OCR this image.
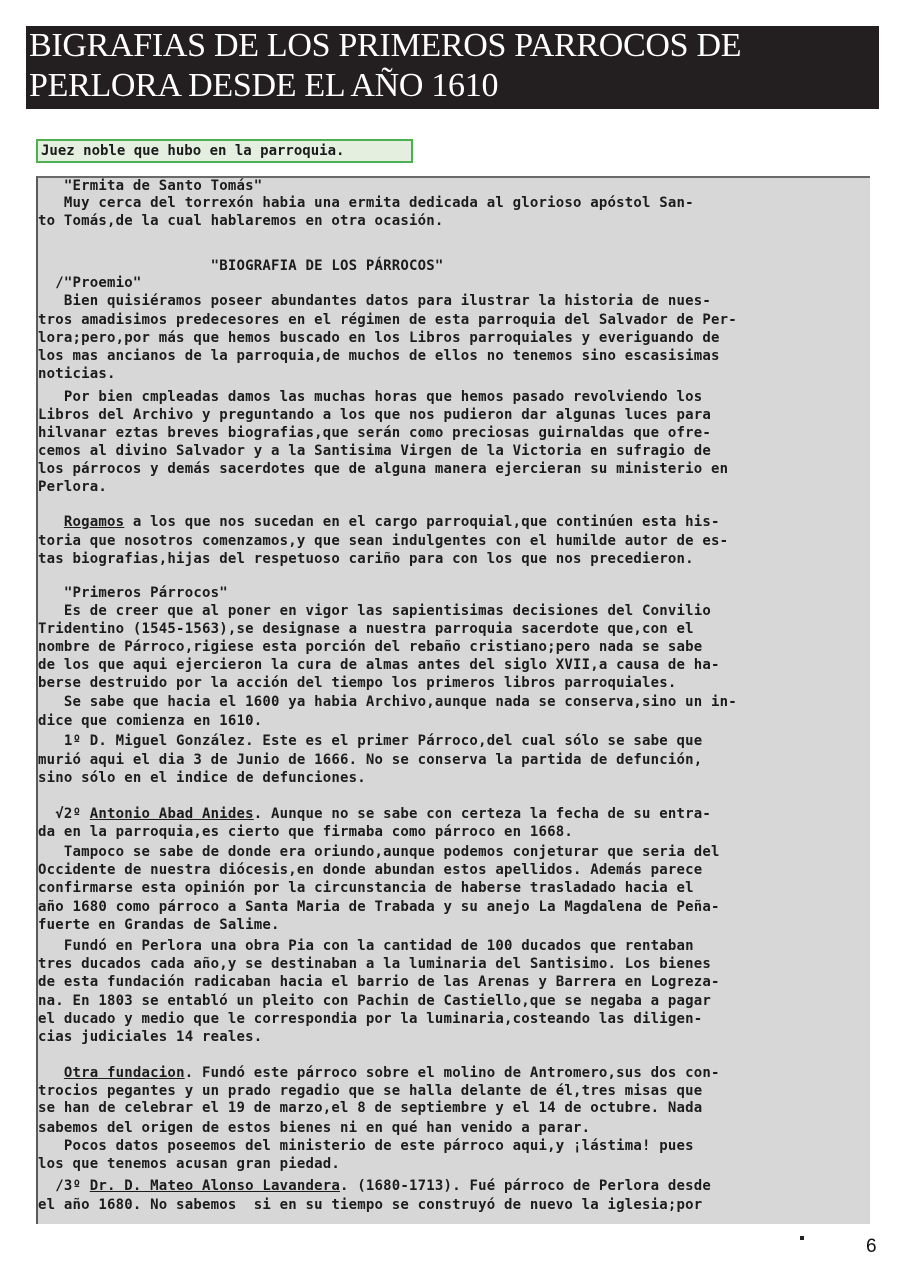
BIGRAFIAS DE LOS PRIMEROS PARROCOS DE
PERLORA DESDE EL AÑO 1610
Juez noble que hubo en la parroquia.
"Ermita de Santo Tomás"
Muy cerca del torrexón habia una ermita dedicada al glorioso apóstol San-
to Tomás,de la cual hablaremos en otra ocasión.
"BIOGRAFIA DE LOS PÁRROCOS"
/"Proemio"
Bien quisiéramos poseer abundantes datos para ilustrar la historia de nues-
tros amadisimos predecesores en el régimen de esta parroquia del Salvador de Per-
lora;pero,por más que hemos buscado en los Libros parroquiales y everiguando de
los mas ancianos de la parroquia,de muchos de ellos no tenemos sino escasisimas
noticias.
Por bien cmpleadas damos las muchas horas que hemos pasado revolviendo los
Libros del Archivo y preguntando a los que nos pudieron dar algunas luces para
hilvanar eztas breves biografias,que serán como preciosas guirnaldas que ofre-
cemos al divino Salvador y a la Santisima Virgen de la Victoria en sufragio de
los párrocos y demás sacerdotes que de alguna manera ejercieran su ministerio en
Perlora.
Rogamos a los que nos sucedan en el cargo parroquial,que continúen esta his-
toria que nosotros comenzamos,y que sean indulgentes con el humilde autor de es-
tas biografias,hijas del respetuoso cariño para con los que nos precedieron.
"Primeros Párrocos"
Es de creer que al poner en vigor las sapientisimas decisiones del Convilio
Tridentino (1545-1563),se designase a nuestra parroquia sacerdote que,con el
nombre de Párroco,rigiese esta porción del rebaño cristiano;pero nada se sabe
de los que aqui ejercieron la cura de almas antes del siglo XVII,a causa de ha-
berse destruido por la acción del tiempo los primeros libros parroquiales.
Se sabe que hacia el 1600 ya habia Archivo,aunque nada se conserva,sino un in-
dice que comienza en 1610.
1º D. Miguel González. Este es el primer Párroco,del cual sólo se sabe que
murió aqui el dia 3 de Junio de 1666. No se conserva la partida de defunción,
sino sólo en el indice de defunciones.
√2º Antonio Abad Anides. Aunque no se sabe con certeza la fecha de su entra-
da en la parroquia,es cierto que firmaba como párroco en 1668.
Tampoco se sabe de donde era oriundo,aunque podemos conjeturar que seria del
Occidente de nuestra diócesis,en donde abundan estos apellidos. Además parece
confirmarse esta opinión por la circunstancia de haberse trasladado hacia el
año 1680 como párroco a Santa Maria de Trabada y su anejo La Magdalena de Peña-
fuerte en Grandas de Salime.
Fundó en Perlora una obra Pia con la cantidad de 100 ducados que rentaban
tres ducados cada año,y se destinaban a la luminaria del Santisimo. Los bienes
de esta fundación radicaban hacia el barrio de las Arenas y Barrera en Logreza-
na. En 1803 se entabló un pleito con Pachin de Castiello,que se negaba a pagar
el ducado y medio que le correspondia por la luminaria,costeando las diligen-
cias judiciales 14 reales.
Otra fundacion. Fundó este párroco sobre el molino de Antromero,sus dos con-
trocios pegantes y un prado regadio que se halla delante de él,tres misas que
se han de celebrar el 19 de marzo,el 8 de septiembre y el 14 de octubre. Nada
sabemos del origen de estos bienes ni en qué han venido a parar.
Pocos datos poseemos del ministerio de este párroco aqui,y ¡lástima! pues
los que tenemos acusan gran piedad.
/3º Dr. D. Mateo Alonso Lavandera. (1680-1713). Fué párroco de Perlora desde
el año 1680. No sabemos  si en su tiempo se construyó de nuevo la iglesia;por
6
